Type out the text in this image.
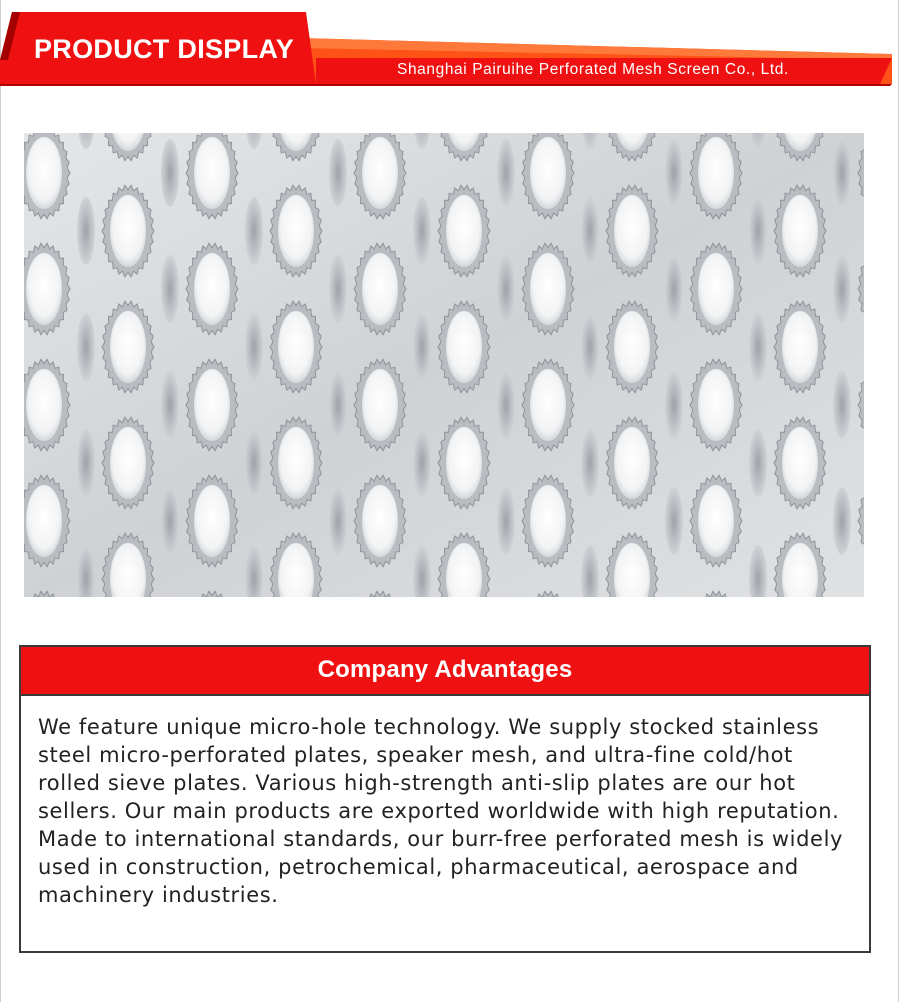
PRODUCT DISPLAY
Shanghai Pairuihe Perforated Mesh Screen Co., Ltd.
Company Advantages

We feature unique micro-hole technology. We supply stocked stainless steel micro-perforated plates, speaker mesh, and ultra-fine cold/hot rolled sieve plates. Various high-strength anti-slip plates are our hot sellers. Our main products are exported worldwide with high reputation. Made to international standards, our burr-free perforated mesh is widely used in construction, petrochemical, pharmaceutical, aerospace and machinery industries.
